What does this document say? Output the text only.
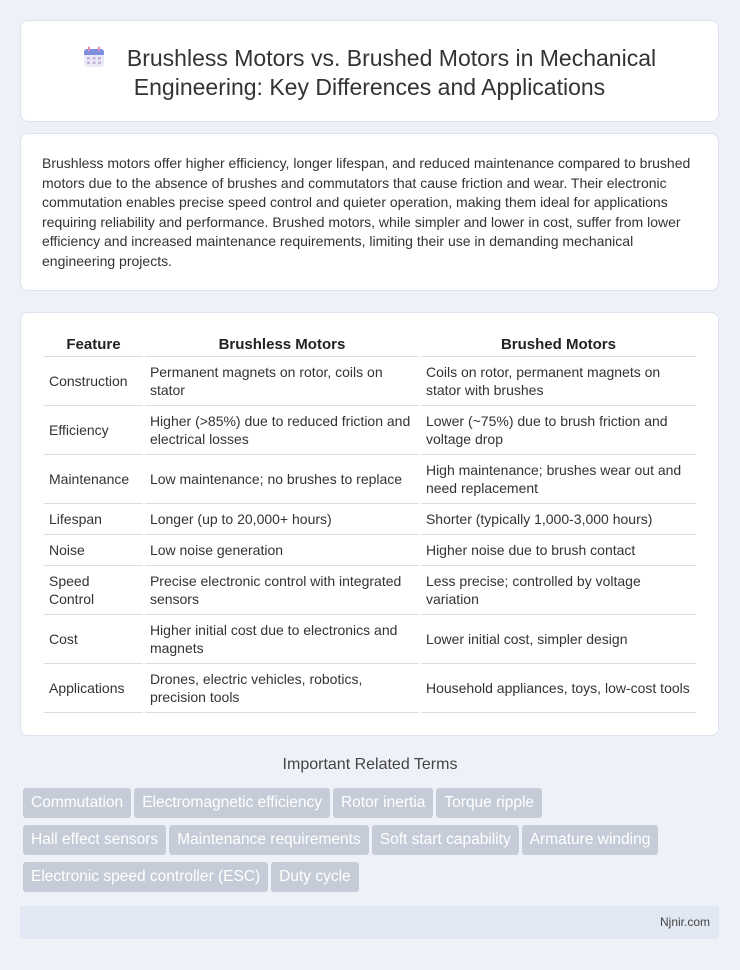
Brushless Motors vs. Brushed Motors in Mechanical Engineering: Key Differences and Applications

Brushless motors offer higher efficiency, longer lifespan, and reduced maintenance compared to brushed motors due to the absence of brushes and commutators that cause friction and wear. Their electronic commutation enables precise speed control and quieter operation, making them ideal for applications requiring reliability and performance. Brushed motors, while simpler and lower in cost, suffer from lower efficiency and increased maintenance requirements, limiting their use in demanding mechanical engineering projects.

Feature	Brushless Motors	Brushed Motors
Construction	Permanent magnets on rotor, coils on stator	Coils on rotor, permanent magnets on stator with brushes
Efficiency	Higher (>85%) due to reduced friction and electrical losses	Lower (~75%) due to brush friction and voltage drop
Maintenance	Low maintenance; no brushes to replace	High maintenance; brushes wear out and need replacement
Lifespan	Longer (up to 20,000+ hours)	Shorter (typically 1,000-3,000 hours)
Noise	Low noise generation	Higher noise due to brush contact
Speed Control	Precise electronic control with integrated sensors	Less precise; controlled by voltage variation
Cost	Higher initial cost due to electronics and magnets	Lower initial cost, simpler design
Applications	Drones, electric vehicles, robotics, precision tools	Household appliances, toys, low-cost tools
Important Related Terms
Commutation Electromagnetic efficiency Rotor inertia Torque ripple
Hall effect sensors Maintenance requirements Soft start capability Armature winding
Electronic speed controller (ESC) Duty cycle
Njnir.com
